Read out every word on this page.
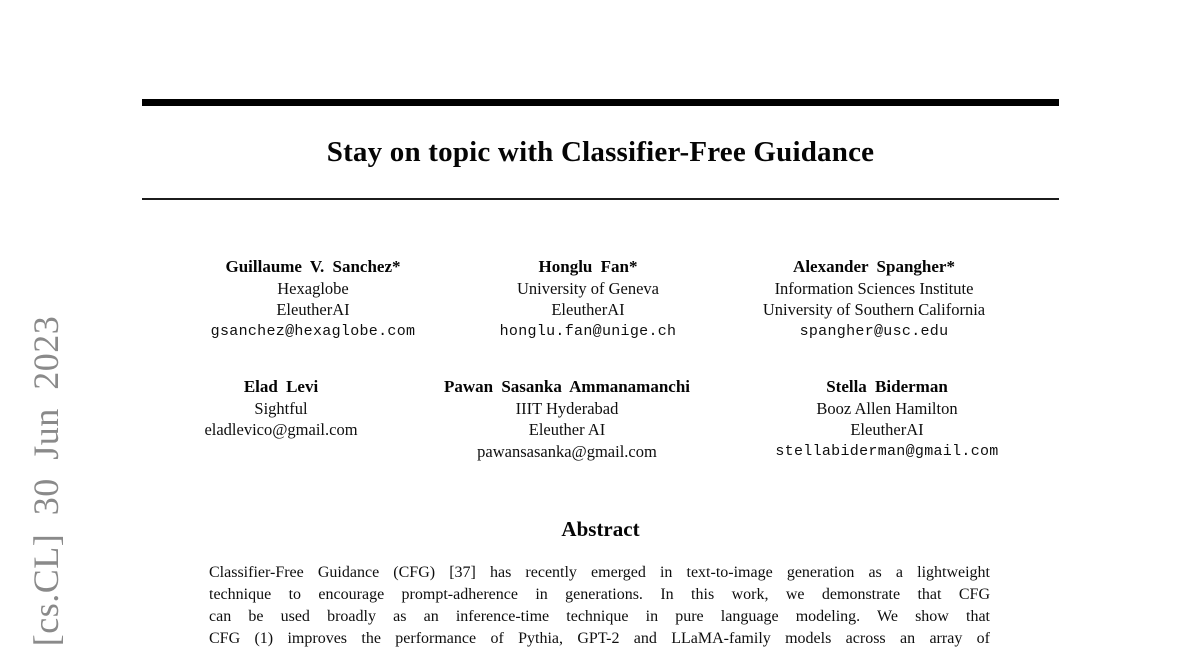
[cs.CL] 30 Jun 2023
Stay on topic with Classifier-Free Guidance
Guillaume V. Sanchez*
Hexaglobe
EleutherAI
gsanchez@hexaglobe.com
Honglu Fan*
University of Geneva
EleutherAI
honglu.fan@unige.ch
Alexander Spangher*
Information Sciences Institute
University of Southern California
spangher@usc.edu
Elad Levi
Sightful
eladlevico@gmail.com
Pawan Sasanka Ammanamanchi
IIIT Hyderabad
Eleuther AI
pawansasanka@gmail.com
Stella Biderman
Booz Allen Hamilton
EleutherAI
stellabiderman@gmail.com
Abstract
Classifier-Free Guidance (CFG) [37] has recently emerged in text-to-image generation as a lightweight
technique to encourage prompt-adherence in generations. In this work, we demonstrate that CFG
can be used broadly as an inference-time technique in pure language modeling. We show that
CFG (1) improves the performance of Pythia, GPT-2 and LLaMA-family models across an array of
